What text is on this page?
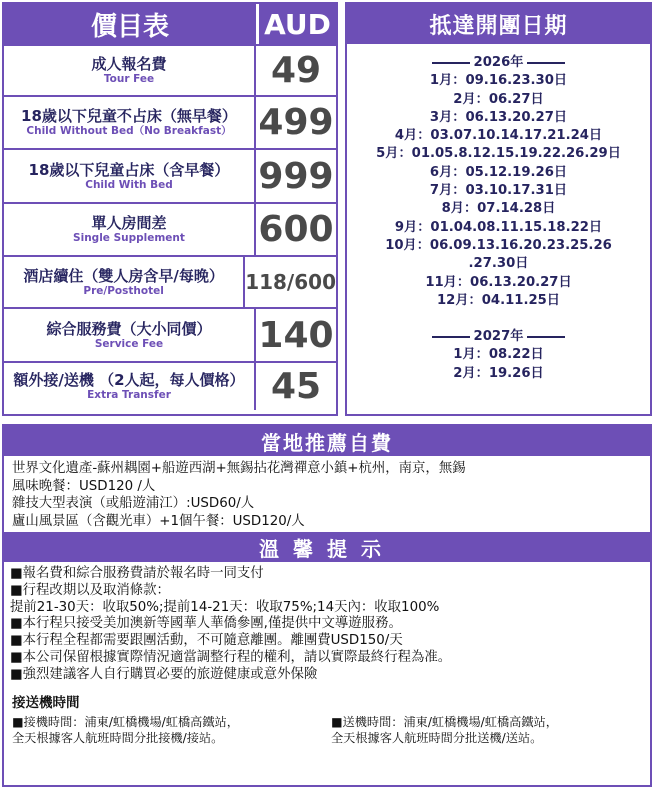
價目表	AUD
成人報名費
Tour Fee	49
18歲以下兒童不占床（無早餐）
Child Without Bed（No Breakfast） 499
18歲以下兒童占床（含早餐）
Child With Bed 999
單人房間差
Single Supplement 600
酒店續住（雙人房含早/每晚）
Pre/Posthotel	118/600
綜合服務費（大小同價）
Service Fee	140
額外接/送機 （2人起，每人價格）
Extra Transfer	45
抵達開團日期
2026年
1月：09.16.23.30日
2月：06.27日
3月：06.13.20.27日
4月：03.07.10.14.17.21.24日
5月：01.05.8.12.15.19.22.26.29日
6月：05.12.19.26日
7月：03.10.17.31日
8月：07.14.28日
9月：01.04.08.11.15.18.22日
10月：06.09.13.16.20.23.25.26
.27.30日
11月：06.13.20.27日
12月：04.11.25日
2027年
1月：08.22日
2月：19.26日
當地推薦自費
世界文化遺產-蘇州耦園+船遊西湖+無錫拈花灣禪意小鎮+杭州，南京，無錫
風味晚餐：USD120 /人
雜技大型表演（或船遊浦江）:USD60/人
廬山風景區（含觀光車）+1個午餐：USD120/人
溫馨提示
■報名費和綜合服務費請於報名時一同支付
■行程改期以及取消條款：
提前21-30天：收取50%;提前14-21天：收取75%;14天內：收取100%
■本行程只接受美加澳新等國華人華僑參團,僅提供中文導遊服務。
■本行程全程都需要跟團活動，不可隨意離團。離團費USD150/天
■本公司保留根據實際情況適當調整行程的權利，請以實際最終行程為准。
■強烈建議客人自行購買必要的旅遊健康或意外保險
接送機時間
■接機時間：浦東/虹橋機場/虹橋高鐵站，
全天根據客人航班時間分批接機/接站。
■送機時間：浦東/虹橋機場/虹橋高鐵站，
全天根據客人航班時間分批送機/送站。
